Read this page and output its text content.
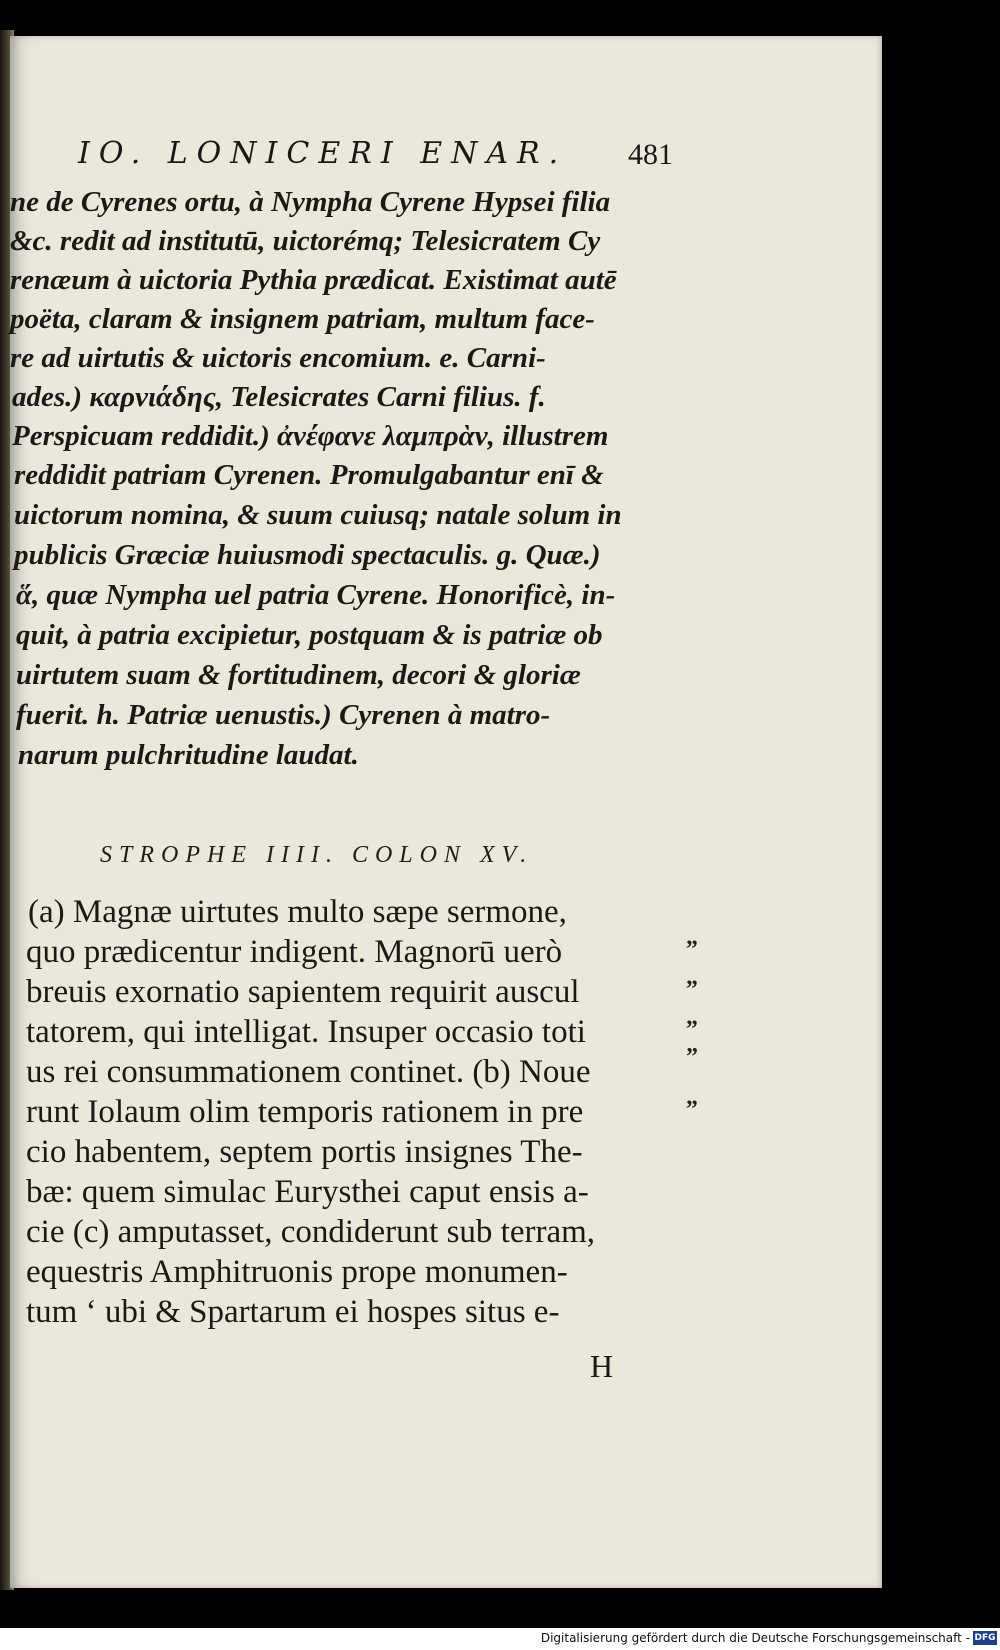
IO. LONICERI ENAR. 481
ne de Cyrenes ortu, à Nympha Cyrene Hypsei filia
&c. redit ad institutū, uictorémq; Telesicratem Cy
renæum à uictoria Pythia prædicat. Existimat autē
poëta, claram & insignem patriam, multum face-
re ad uirtutis & uictoris encomium. e. Carni-
ades.) καρνιάδης, Telesicrates Carni filius. f.
Perspicuam reddidit.) ἀνέφανε λαμπρὰν, illustrem
reddidit patriam Cyrenen. Promulgabantur enī &
uictorum nomina, & suum cuiusq; natale solum in
publicis Græciæ huiusmodi spectaculis. g. Quæ.)
ἅ, quæ Nympha uel patria Cyrene. Honorificè, in-
quit, à patria excipietur, postquam & is patriæ ob
uirtutem suam & fortitudinem, decori & gloriæ
fuerit. h. Patriæ uenustis.) Cyrenen à matro-
narum pulchritudine laudat.
STROPHE IIII. COLON XV.
(a) Magnæ uirtutes multo sæpe sermone,
quo prædicentur indigent. Magnorū uerò
breuis exornatio sapientem requirit auscul
tatorem, qui intelligat. Insuper occasio toti
us rei consummationem continet. (b) Noue
runt Iolaum olim temporis rationem in pre
cio habentem, septem portis insignes The-
bæ: quem simulac Eurysthei caput ensis a-
cie (c) amputasset, condiderunt sub terram,
equestris Amphitruonis prope monumen-
tum ‘ ubi & Spartarum ei hospes situs e-
„
„
„
”
„
H
Digitalisierung gefördert durch die Deutsche Forschungsgemeinschaft - DFG
